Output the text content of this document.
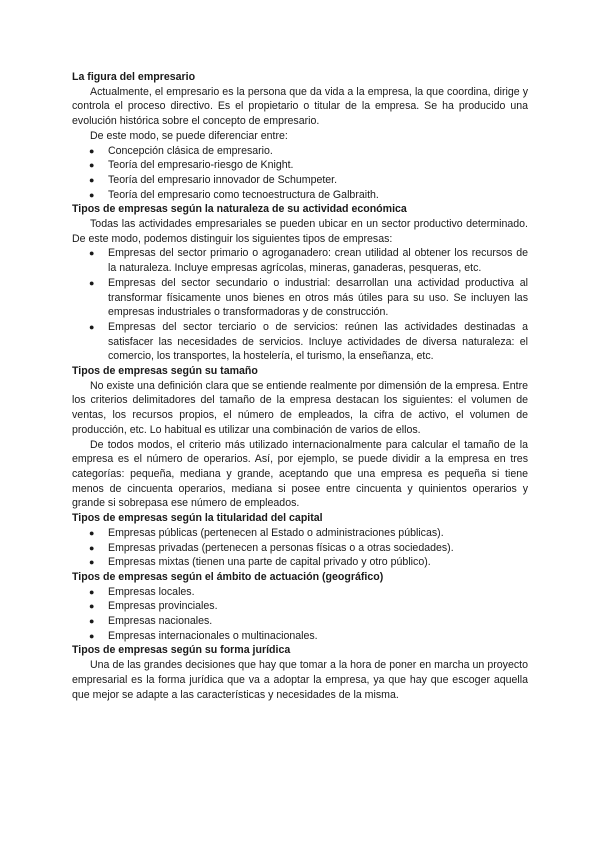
La figura del empresario

Actualmente, el empresario es la persona que da vida a la empresa, la que coordina, dirige y controla el proceso directivo. Es el propietario o titular de la empresa. Se ha producido una evolución histórica sobre el concepto de empresario.

De este modo, se puede diferenciar entre:

● Concepción clásica de empresario.
● Teoría del empresario-riesgo de Knight.
● Teoría del empresario innovador de Schumpeter.
● Teoría del empresario como tecnoestructura de Galbraith.
Tipos de empresas según la naturaleza de su actividad económica

Todas las actividades empresariales se pueden ubicar en un sector productivo determinado. De este modo, podemos distinguir los siguientes tipos de empresas:

● Empresas del sector primario o agroganadero: crean utilidad al obtener los recursos de la naturaleza. Incluye empresas agrícolas, mineras, ganaderas, pesqueras, etc.
● Empresas del sector secundario o industrial: desarrollan una actividad productiva al transformar físicamente unos bienes en otros más útiles para su uso. Se incluyen las empresas industriales o transformadoras y de construcción.
● Empresas del sector terciario o de servicios: reúnen las actividades destinadas a satisfacer las necesidades de servicios. Incluye actividades de diversa naturaleza: el comercio, los transportes, la hostelería, el turismo, la enseñanza, etc.
Tipos de empresas según su tamaño

No existe una definición clara que se entiende realmente por dimensión de la empresa. Entre los criterios delimitadores del tamaño de la empresa destacan los siguientes: el volumen de ventas, los recursos propios, el número de empleados, la cifra de activo, el volumen de producción, etc. Lo habitual es utilizar una combinación de varios de ellos.

De todos modos, el criterio más utilizado internacionalmente para calcular el tamaño de la empresa es el número de operarios. Así, por ejemplo, se puede dividir a la empresa en tres categorías: pequeña, mediana y grande, aceptando que una empresa es pequeña si tiene menos de cincuenta operarios, mediana si posee entre cincuenta y quinientos operarios y grande si sobrepasa ese número de empleados.

Tipos de empresas según la titularidad del capital
● Empresas públicas (pertenecen al Estado o administraciones públicas).
● Empresas privadas (pertenecen a personas físicas o a otras sociedades).
● Empresas mixtas (tienen una parte de capital privado y otro público).
Tipos de empresas según el ámbito de actuación (geográfico)
● Empresas locales.
● Empresas provinciales.
● Empresas nacionales.
● Empresas internacionales o multinacionales.
Tipos de empresas según su forma jurídica

Una de las grandes decisiones que hay que tomar a la hora de poner en marcha un proyecto empresarial es la forma jurídica que va a adoptar la empresa, ya que hay que escoger aquella que mejor se adapte a las características y necesidades de la misma.
